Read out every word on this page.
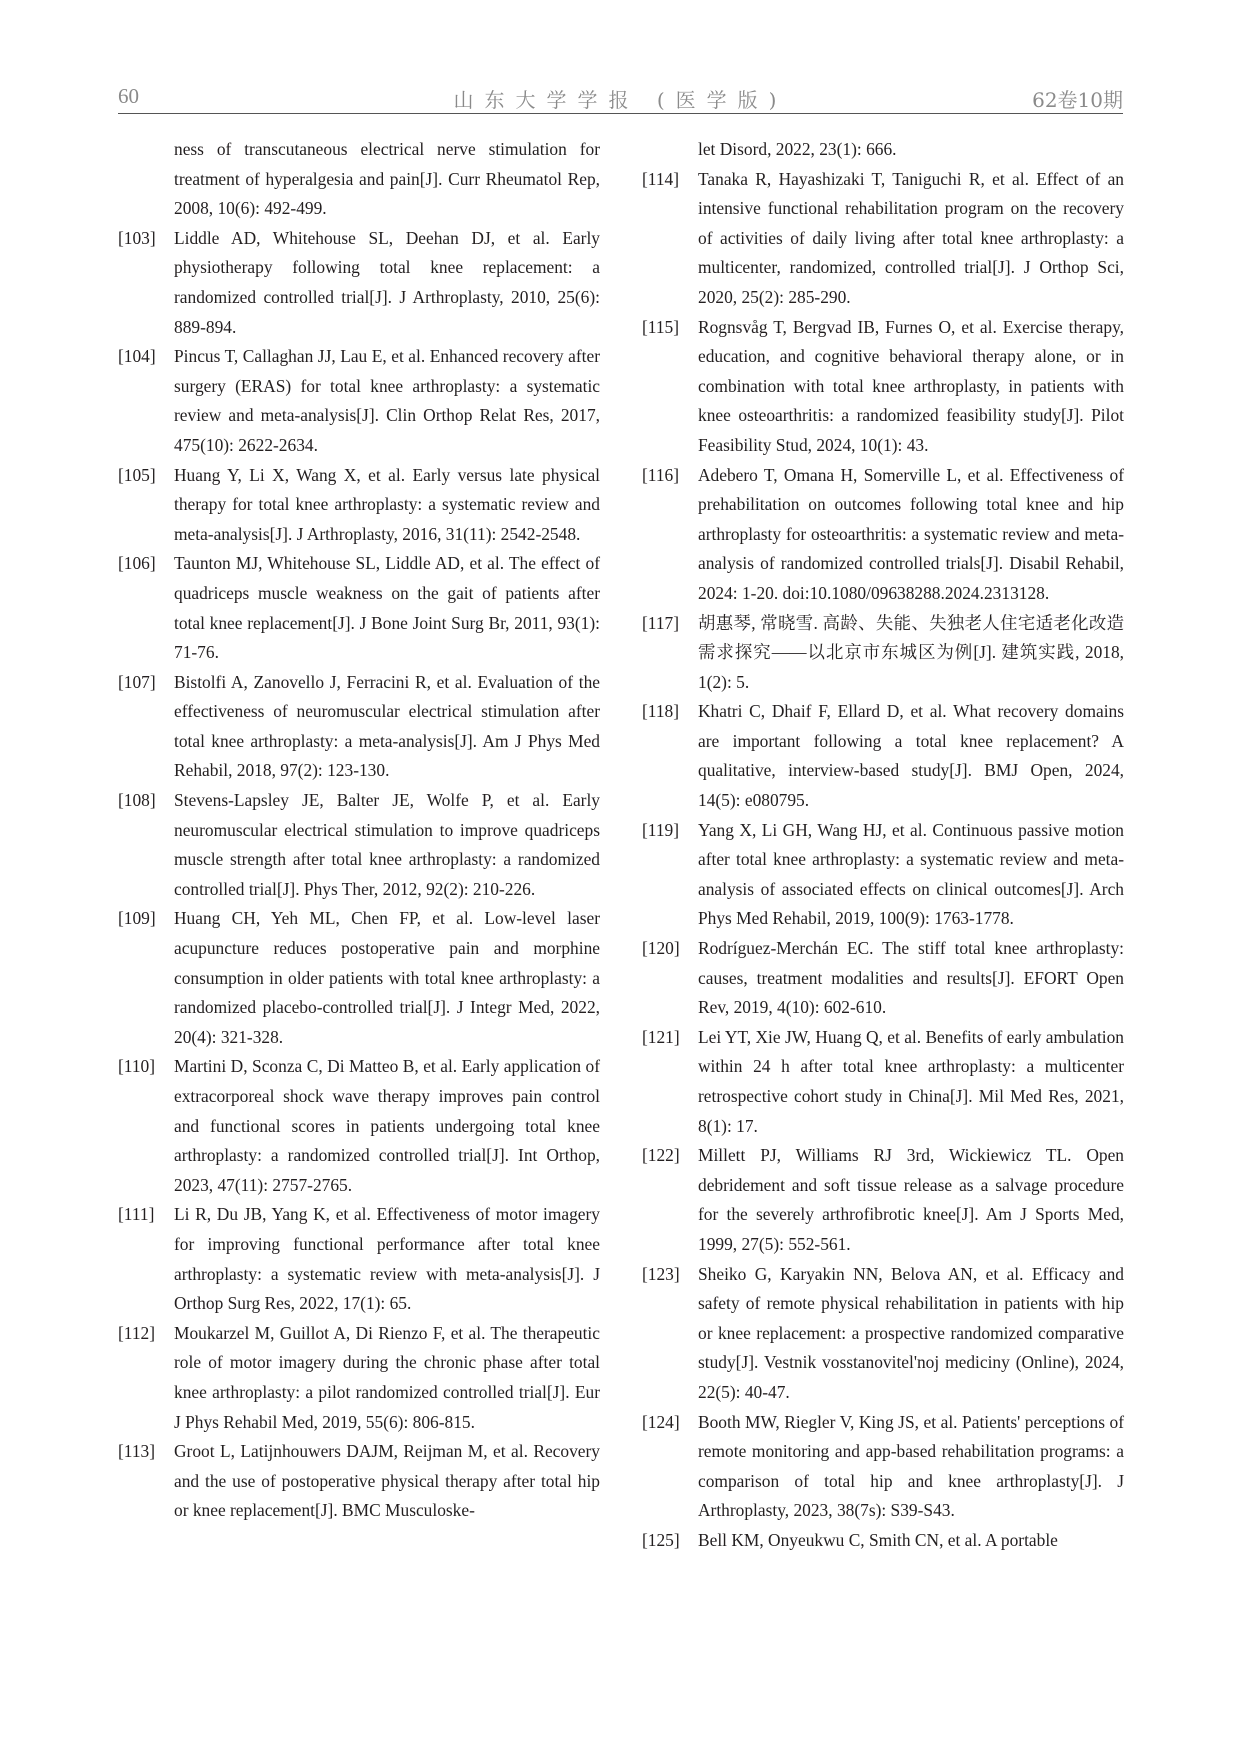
60	山东大学学报 (医学版)	62卷10期
ness of transcutaneous electrical nerve stimulation for treatment of hyperalgesia and pain[J]. Curr Rheumatol Rep, 2008, 10(6): 492-499.
[103] Liddle AD, Whitehouse SL, Deehan DJ, et al. Early physiotherapy following total knee replacement: a randomized controlled trial[J]. J Arthroplasty, 2010, 25(6): 889-894.
[104] Pincus T, Callaghan JJ, Lau E, et al. Enhanced recovery after surgery (ERAS) for total knee arthroplasty: a systematic review and meta-analysis[J]. Clin Orthop Relat Res, 2017, 475(10): 2622-2634.
[105] Huang Y, Li X, Wang X, et al. Early versus late physical therapy for total knee arthroplasty: a systematic review and meta-analysis[J]. J Arthroplasty, 2016, 31(11): 2542-2548.
[106] Taunton MJ, Whitehouse SL, Liddle AD, et al. The effect of quadriceps muscle weakness on the gait of patients after total knee replacement[J]. J Bone Joint Surg Br, 2011, 93(1): 71-76.
[107] Bistolfi A, Zanovello J, Ferracini R, et al. Evaluation of the effectiveness of neuromuscular electrical stimulation after total knee arthroplasty: a meta-analysis[J]. Am J Phys Med Rehabil, 2018, 97(2): 123-130.
[108] Stevens-Lapsley JE, Balter JE, Wolfe P, et al. Early neuromuscular electrical stimulation to improve quadriceps muscle strength after total knee arthroplasty: a randomized controlled trial[J]. Phys Ther, 2012, 92(2): 210-226.
[109] Huang CH, Yeh ML, Chen FP, et al. Low-level laser acupuncture reduces postoperative pain and morphine consumption in older patients with total knee arthroplasty: a randomized placebo-controlled trial[J]. J Integr Med, 2022, 20(4): 321-328.
[110] Martini D, Sconza C, Di Matteo B, et al. Early application of extracorporeal shock wave therapy improves pain control and functional scores in patients undergoing total knee arthroplasty: a randomized controlled trial[J]. Int Orthop, 2023, 47(11): 2757-2765.
[111] Li R, Du JB, Yang K, et al. Effectiveness of motor imagery for improving functional performance after total knee arthroplasty: a systematic review with meta-analysis[J]. J Orthop Surg Res, 2022, 17(1): 65.
[112] Moukarzel M, Guillot A, Di Rienzo F, et al. The therapeutic role of motor imagery during the chronic phase after total knee arthroplasty: a pilot randomized controlled trial[J]. Eur J Phys Rehabil Med, 2019, 55(6): 806-815.
[113] Groot L, Latijnhouwers DAJM, Reijman M, et al. Recovery and the use of postoperative physical therapy after total hip or knee replacement[J]. BMC Musculoske-
let Disord, 2022, 23(1): 666.
[114] Tanaka R, Hayashizaki T, Taniguchi R, et al. Effect of an intensive functional rehabilitation program on the recovery of activities of daily living after total knee arthroplasty: a multicenter, randomized, controlled trial[J]. J Orthop Sci, 2020, 25(2): 285-290.
[115] Rognsvåg T, Bergvad IB, Furnes O, et al. Exercise therapy, education, and cognitive behavioral therapy alone, or in combination with total knee arthroplasty, in patients with knee osteoarthritis: a randomized feasibility study[J]. Pilot Feasibility Stud, 2024, 10(1): 43.
[116] Adebero T, Omana H, Somerville L, et al. Effectiveness of prehabilitation on outcomes following total knee and hip arthroplasty for osteoarthritis: a systematic review and meta-analysis of randomized controlled trials[J]. Disabil Rehabil, 2024: 1-20. doi:10.1080/09638288.2024.2313128.
[117] 胡惠琴, 常晓雪. 高龄、失能、失独老人住宅适老化改造需求探究——以北京市东城区为例[J]. 建筑实践, 2018, 1(2): 5.
[118] Khatri C, Dhaif F, Ellard D, et al. What recovery domains are important following a total knee replacement? A qualitative, interview-based study[J]. BMJ Open, 2024, 14(5): e080795.
[119] Yang X, Li GH, Wang HJ, et al. Continuous passive motion after total knee arthroplasty: a systematic review and meta-analysis of associated effects on clinical outcomes[J]. Arch Phys Med Rehabil, 2019, 100(9): 1763-1778.
[120] Rodríguez-Merchán EC. The stiff total knee arthroplasty: causes, treatment modalities and results[J]. EFORT Open Rev, 2019, 4(10): 602-610.
[121] Lei YT, Xie JW, Huang Q, et al. Benefits of early ambulation within 24 h after total knee arthroplasty: a multicenter retrospective cohort study in China[J]. Mil Med Res, 2021, 8(1): 17.
[122] Millett PJ, Williams RJ 3rd, Wickiewicz TL. Open debridement and soft tissue release as a salvage procedure for the severely arthrofibrotic knee[J]. Am J Sports Med, 1999, 27(5): 552-561.
[123] Sheiko G, Karyakin NN, Belova AN, et al. Efficacy and safety of remote physical rehabilitation in patients with hip or knee replacement: a prospective randomized comparative study[J]. Vestnik vosstanovitel'noj mediciny (Online), 2024, 22(5): 40-47.
[124] Booth MW, Riegler V, King JS, et al. Patients' perceptions of remote monitoring and app-based rehabilitation programs: a comparison of total hip and knee arthroplasty[J]. J Arthroplasty, 2023, 38(7s): S39-S43.
[125] Bell KM, Onyeukwu C, Smith CN, et al. A portable
